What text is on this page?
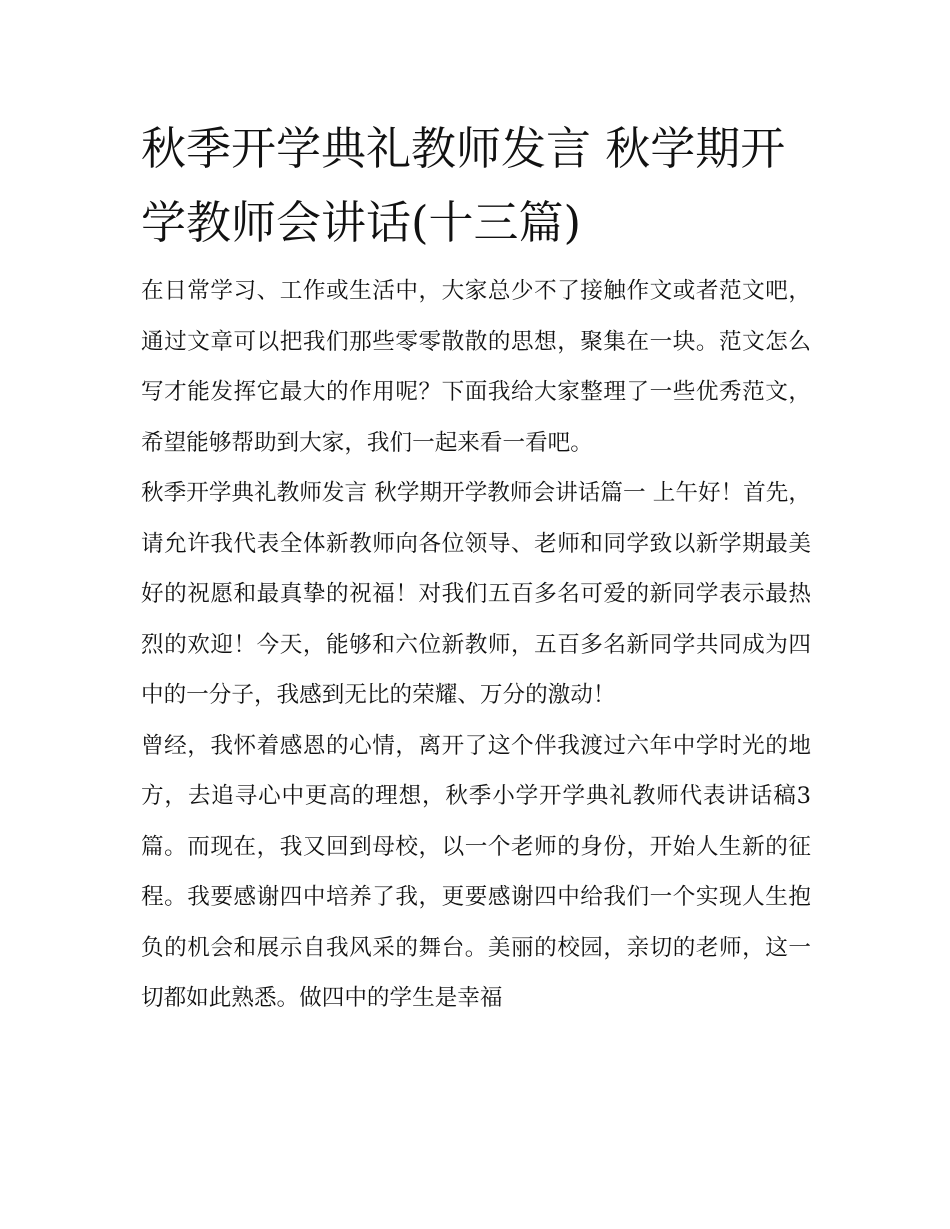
秋季开学典礼教师发言 秋学期开学教师会讲话(十三篇)

在日常学习、工作或生活中，大家总少不了接触作文或者范文吧，通过文章可以把我们那些零零散散的思想，聚集在一块。范文怎么写才能发挥它最大的作用呢？下面我给大家整理了一些优秀范文，希望能够帮助到大家，我们一起来看一看吧。

秋季开学典礼教师发言 秋学期开学教师会讲话篇一 上午好！首先，请允许我代表全体新教师向各位领导、老师和同学致以新学期最美好的祝愿和最真挚的祝福！对我们五百多名可爱的新同学表示最热烈的欢迎！今天，能够和六位新教师，五百多名新同学共同成为四中的一分子，我感到无比的荣耀、万分的激动！

曾经，我怀着感恩的心情，离开了这个伴我渡过六年中学时光的地方，去追寻心中更高的理想，秋季小学开学典礼教师代表讲话稿3篇。而现在，我又回到母校，以一个老师的身份，开始人生新的征程。我要感谢四中培养了我，更要感谢四中给我们一个实现人生抱负的机会和展示自我风采的舞台。美丽的校园，亲切的老师，这一切都如此熟悉。做四中的学生是幸福
